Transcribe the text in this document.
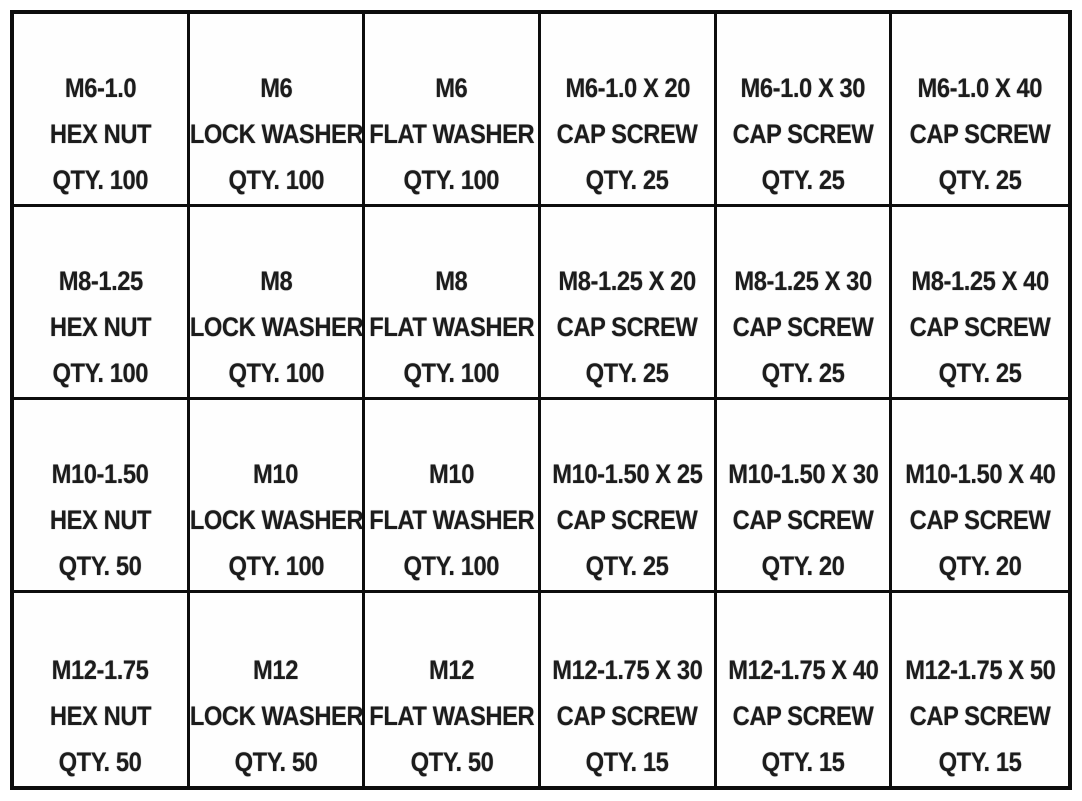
M6-1.0
HEX NUT
QTY. 100
M6
LOCK WASHER
QTY. 100
M6
FLAT WASHER
QTY. 100
M6-1.0 X 20
CAP SCREW
QTY. 25
M6-1.0 X 30
CAP SCREW
QTY. 25
M6-1.0 X 40
CAP SCREW
QTY. 25
M8-1.25
HEX NUT
QTY. 100
M8
LOCK WASHER
QTY. 100
M8
FLAT WASHER
QTY. 100
M8-1.25 X 20
CAP SCREW
QTY. 25
M8-1.25 X 30
CAP SCREW
QTY. 25
M8-1.25 X 40
CAP SCREW
QTY. 25
M10-1.50
HEX NUT
QTY. 50
M10
LOCK WASHER
QTY. 100
M10
FLAT WASHER
QTY. 100
M10-1.50 X 25
CAP SCREW
QTY. 25
M10-1.50 X 30
CAP SCREW
QTY. 20
M10-1.50 X 40
CAP SCREW
QTY. 20
M12-1.75
HEX NUT
QTY. 50
M12
LOCK WASHER
QTY. 50
M12
FLAT WASHER
QTY. 50
M12-1.75 X 30
CAP SCREW
QTY. 15
M12-1.75 X 40
CAP SCREW
QTY. 15
M12-1.75 X 50
CAP SCREW
QTY. 15
